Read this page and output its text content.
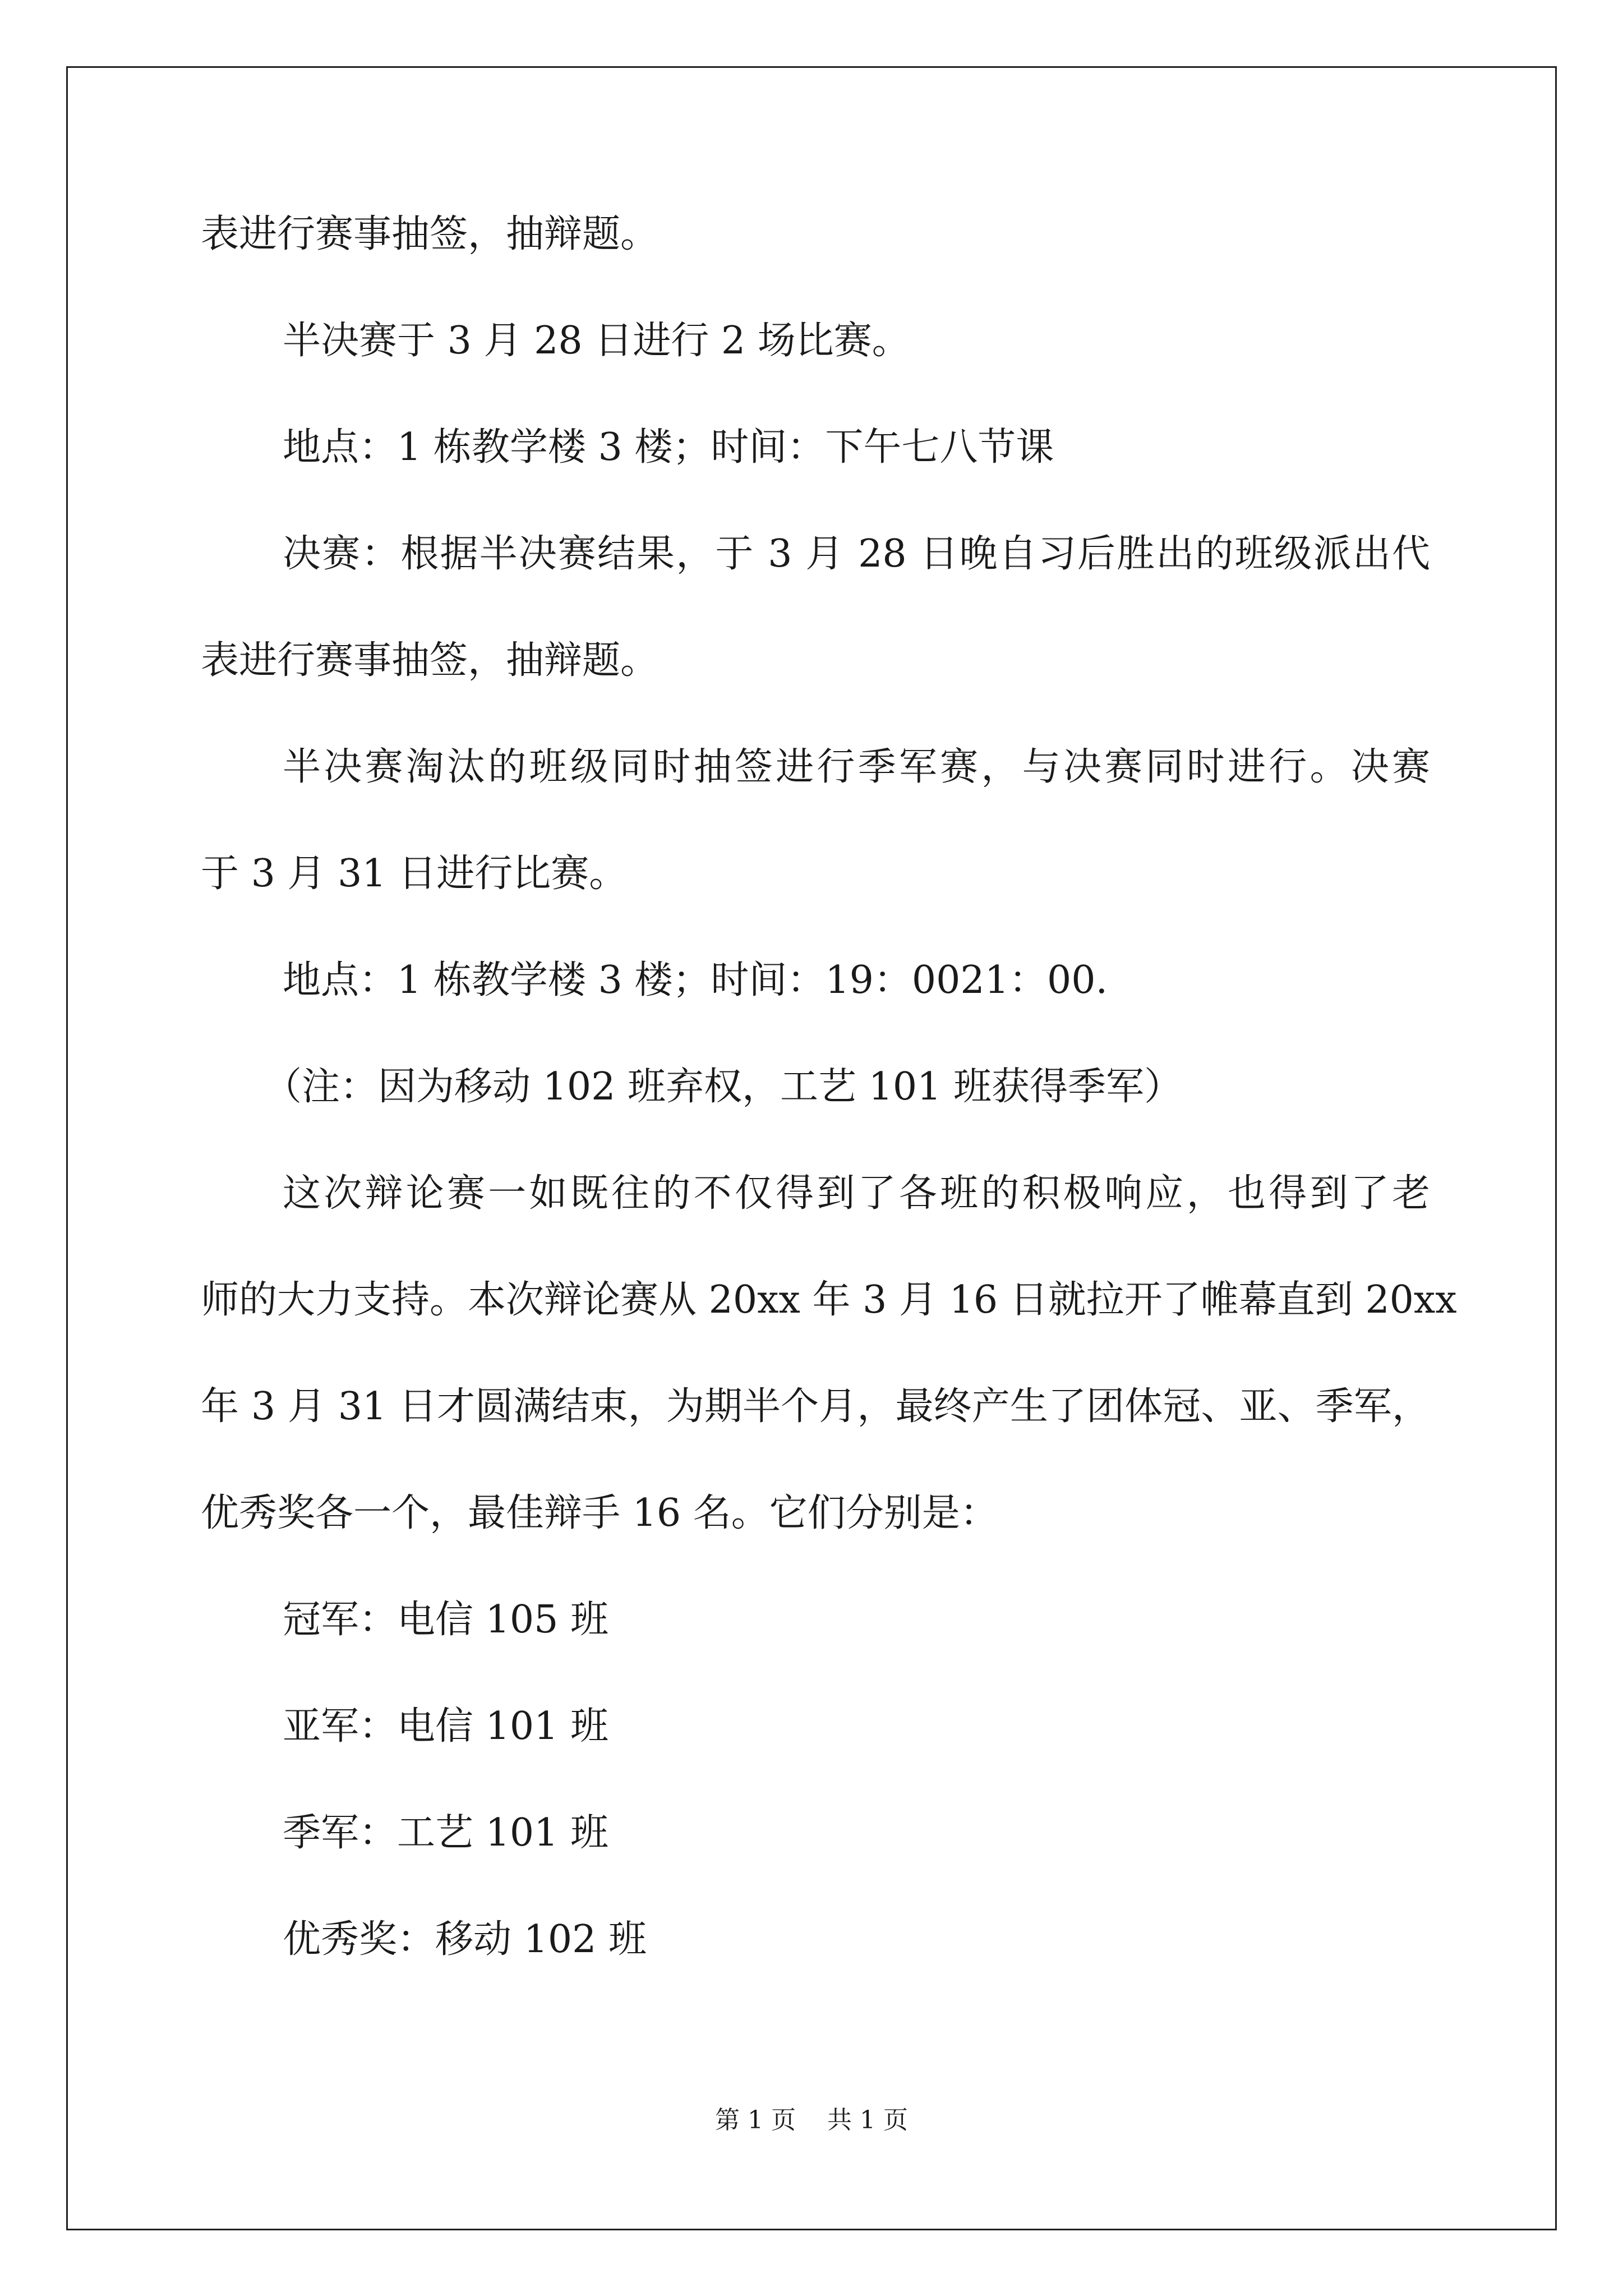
表进行赛事抽签，抽辩题。
半决赛于 3 月 28 日进行 2 场比赛。
地点：1 栋教学楼 3 楼；时间：下午七八节课
决赛：根据半决赛结果，于 3 月 28 日晚自习后胜出的班级派出代
表进行赛事抽签，抽辩题。
半决赛淘汰的班级同时抽签进行季军赛，与决赛同时进行。决赛
于 3 月 31 日进行比赛。
地点：1 栋教学楼 3 楼；时间：19：0021：00.
（注：因为移动 102 班弃权，工艺 101 班获得季军）
这次辩论赛一如既往的不仅得到了各班的积极响应，也得到了老
师的大力支持。本次辩论赛从 20xx 年 3 月 16 日就拉开了帷幕直到 20xx
年 3 月 31 日才圆满结束，为期半个月，最终产生了团体冠、亚、季军，
优秀奖各一个，最佳辩手 16 名。它们分别是：
冠军：电信 105 班
亚军：电信 101 班
季军：工艺 101 班
优秀奖：移动 102 班
第 1 页 共 1 页
